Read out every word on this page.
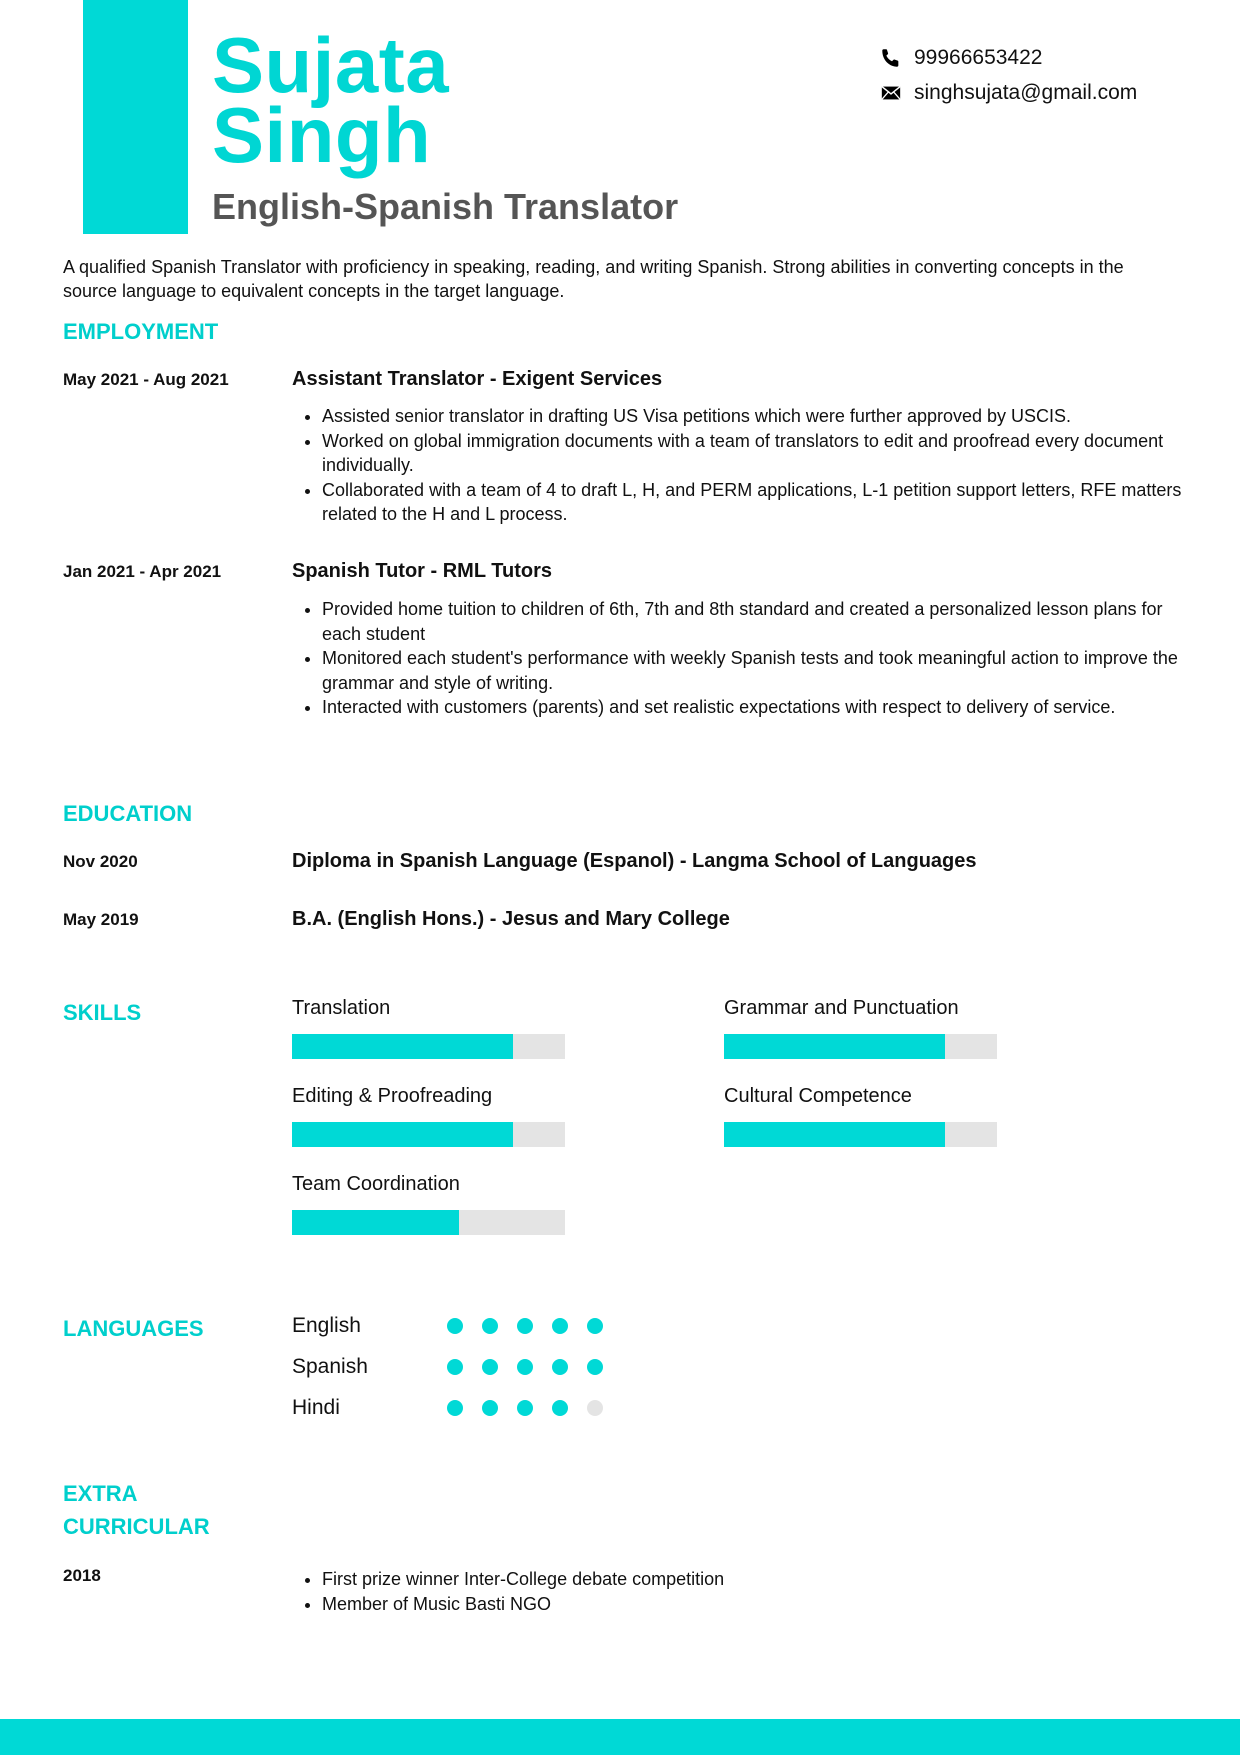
Sujata
Singh
English-Spanish Translator
99966653422
singhsujata@gmail.com
A qualified Spanish Translator with proficiency in speaking, reading, and writing Spanish. Strong abilities in converting concepts in the source language to equivalent concepts in the target language.
EMPLOYMENT
May 2021 - Aug 2021	Assistant Translator - Exigent Services
• Assisted senior translator in drafting US Visa petitions which were further approved by USCIS.
• Worked on global immigration documents with a team of translators to edit and proofread every document individually.
• Collaborated with a team of 4 to draft L, H, and PERM applications, L-1 petition support letters, RFE matters related to the H and L process.
Jan 2021 - Apr 2021	Spanish Tutor - RML Tutors
• Provided home tuition to children of 6th, 7th and 8th standard and created a personalized lesson plans for each student
• Monitored each student's performance with weekly Spanish tests and took meaningful action to improve the grammar and style of writing.
• Interacted with customers (parents) and set realistic expectations with respect to delivery of service.
EDUCATION
Nov 2020	Diploma in Spanish Language (Espanol) - Langma School of Languages
May 2019	B.A. (English Hons.) - Jesus and Mary College
SKILLS	Translation	Grammar and Punctuation
Editing & Proofreading	Cultural Competence
Team Coordination
LANGUAGES	English
Spanish
Hindi
EXTRA
CURRICULAR
2018
•	First prize winner Inter-College debate competition
• Member of Music Basti NGO
